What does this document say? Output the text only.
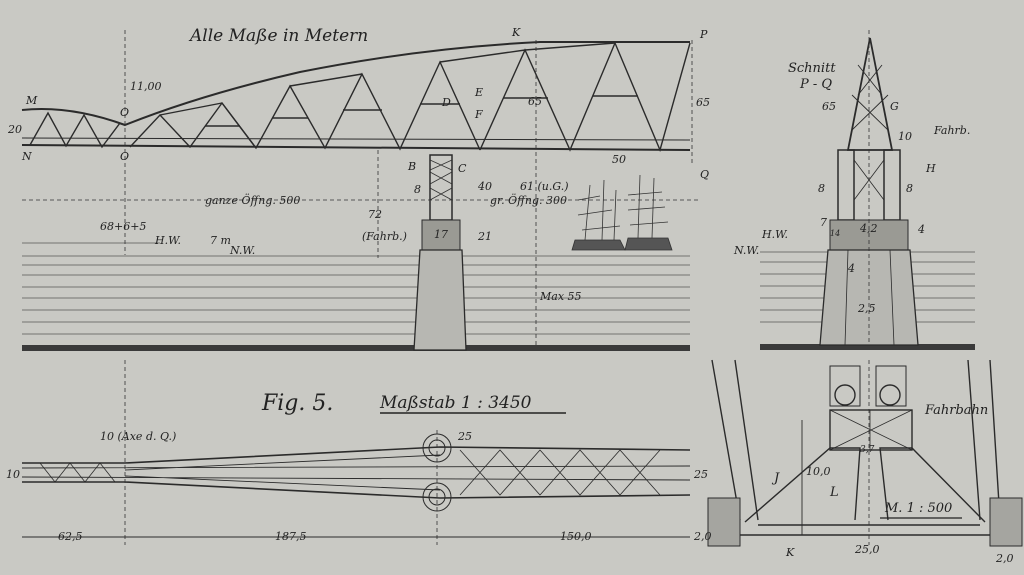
Alle Maße in Metern
M
N
O
O
K	P
Q
D
E
F
B	C
20
11,00
65	65
50
72
(Fahrb.)
40
21
61 (u.G.)
68+6+5
7 m
8
17
ganze Öffng. 500	gr. Öffng. 300
H.W.
N.W.
Max 55
Schnitt
P - Q
Fahrb.
G
H
65
10
8	8
7
4
4,2
4
2,5
14
H.W.
N.W.
Fig. 5.	Maßstab 1 : 3450
10 (Axe d. Q.)
10
25
25
62,5	187,5	150,0
Fahrbahn
M. 1 : 500
J
L
K
10,0
25,0
2,0
2,0
3,7
